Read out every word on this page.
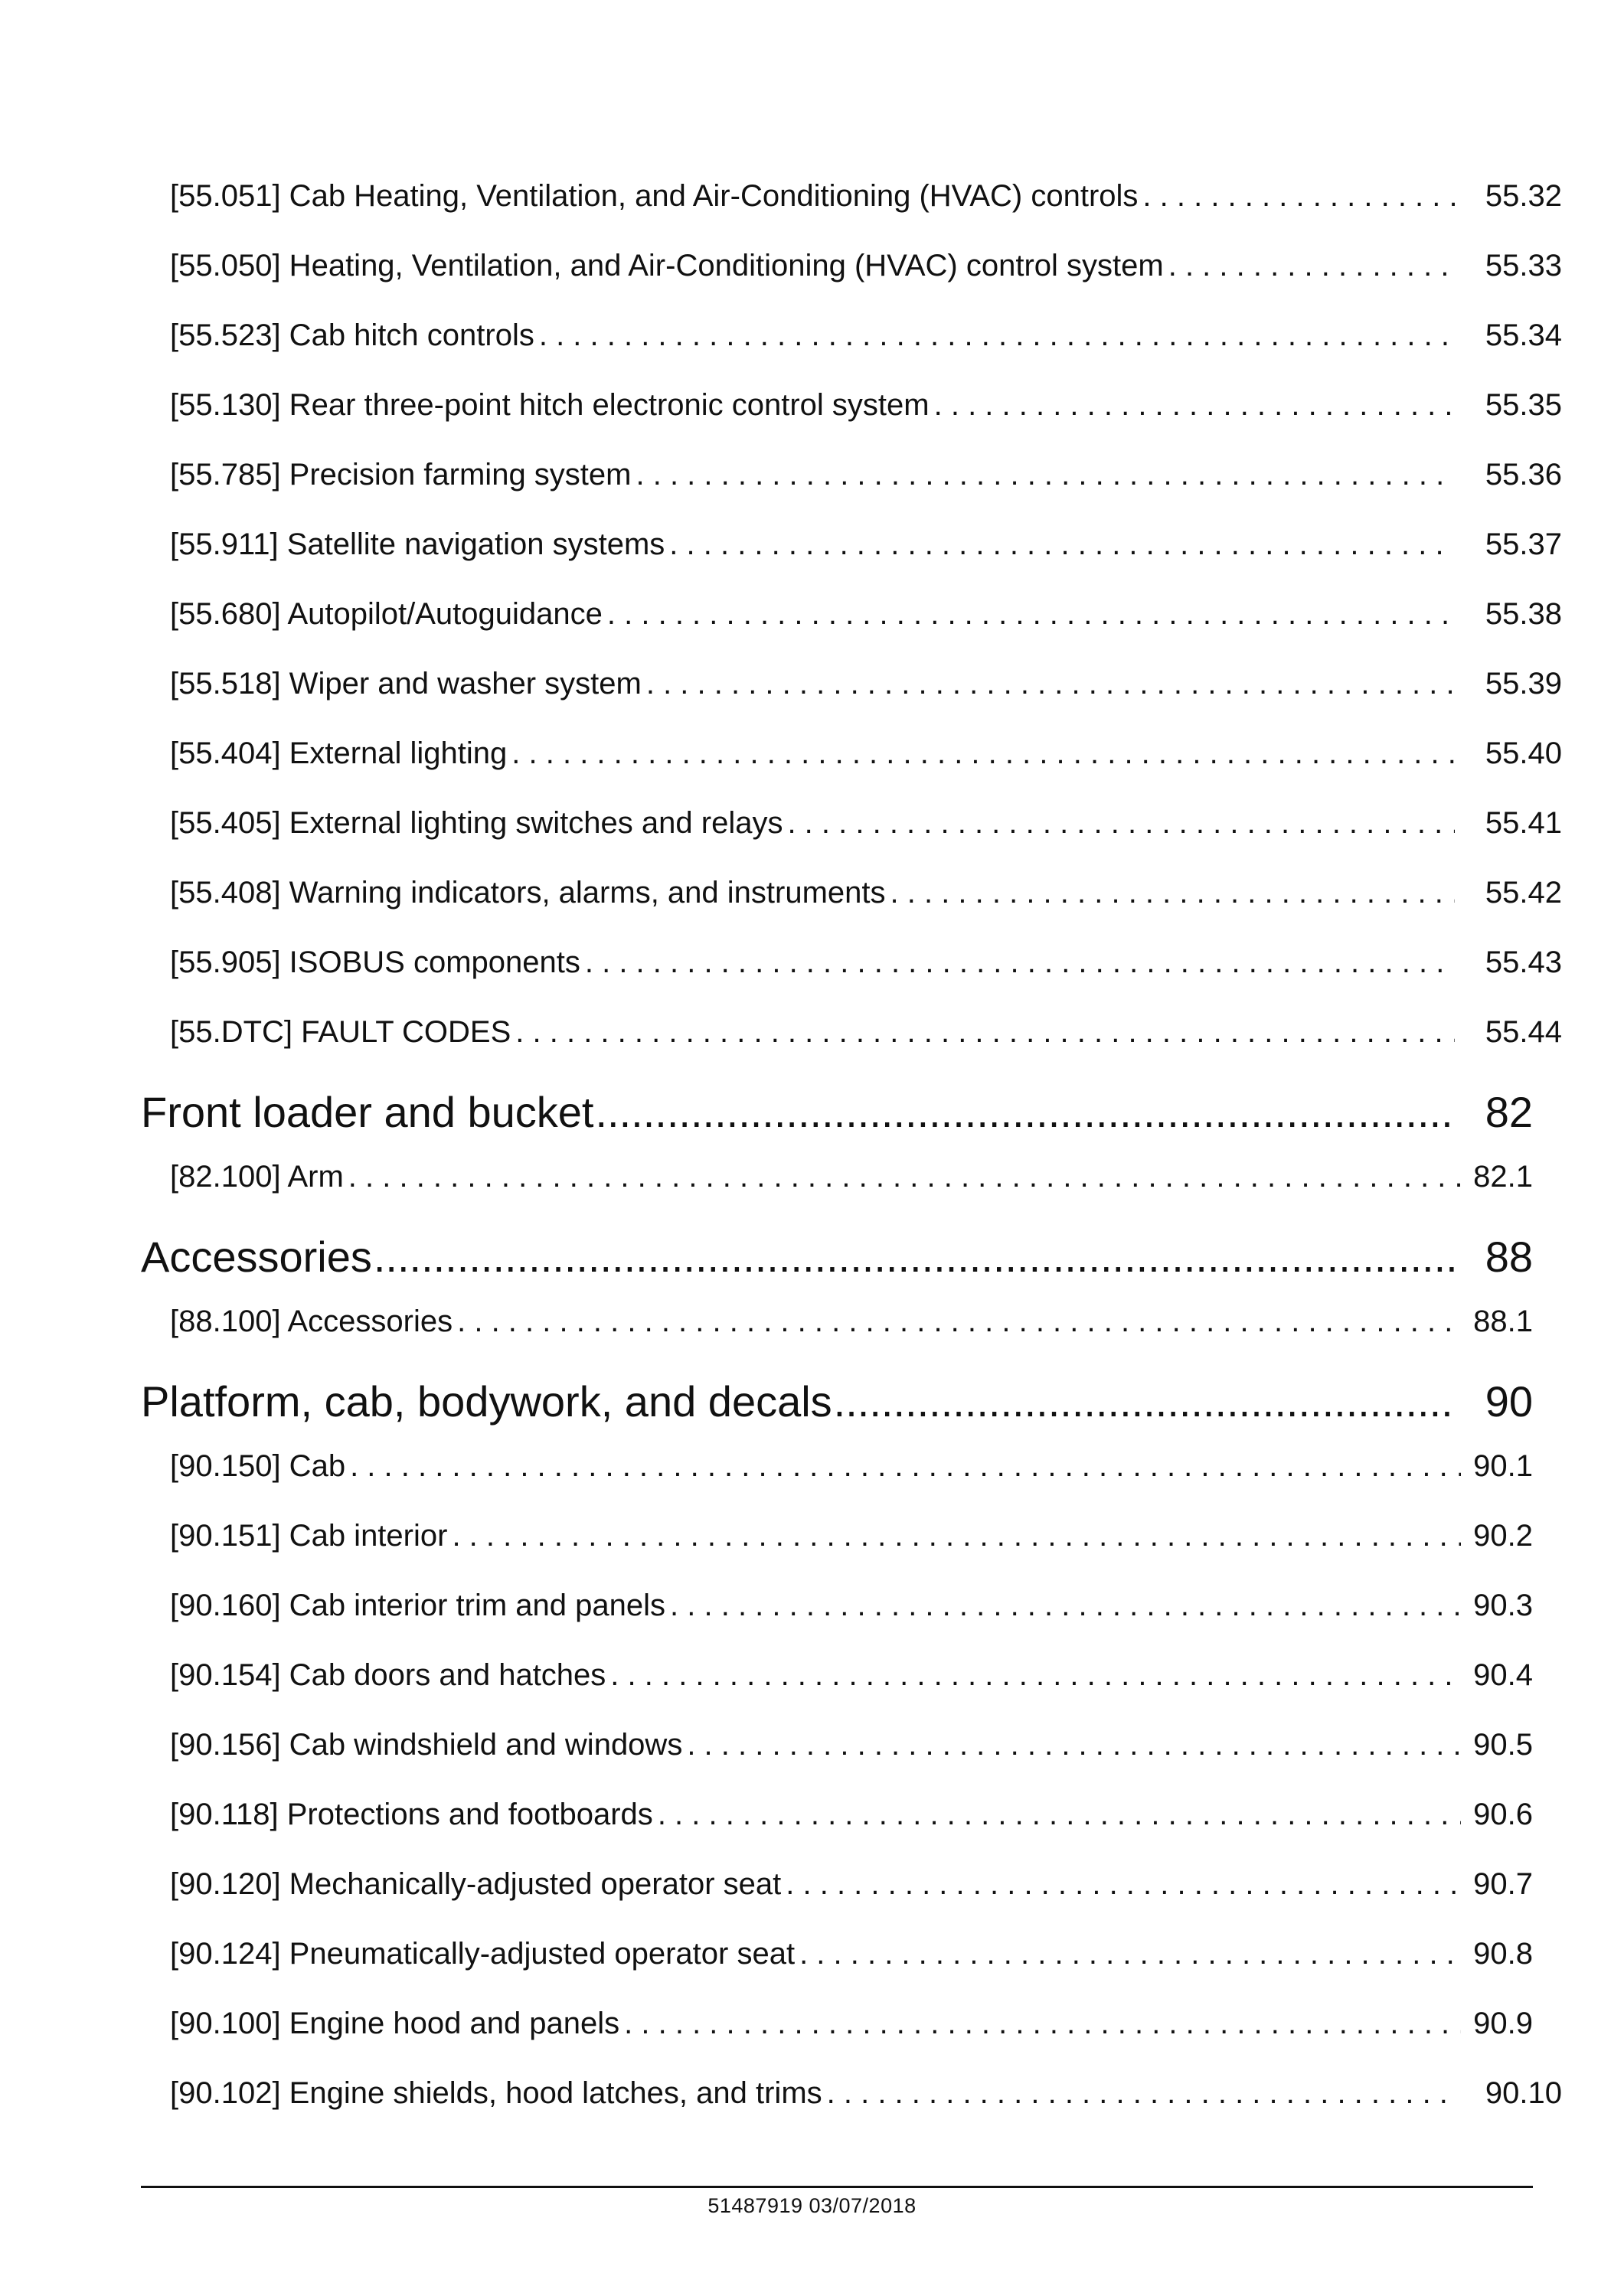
[55.051] Cab Heating, Ventilation, and Air-Conditioning (HVAC) controls . . .	55.32
[55.050] Heating, Ventilation, and Air-Conditioning (HVAC) control system . . .	55.33
[55.523] Cab hitch controls . . .	55.34
[55.130] Rear three-point hitch electronic control system . . .	55.35
[55.785] Precision farming system . . .	55.36
[55.911] Satellite navigation systems . . .	55.37
[55.680] Autopilot/Autoguidance . . .	55.38
[55.518] Wiper and washer system . . .	55.39
[55.404] External lighting . . .	55.40
[55.405] External lighting switches and relays . . .	55.41
[55.408] Warning indicators, alarms, and instruments . . .	55.42
[55.905] ISOBUS components . . .	55.43
[55.DTC] FAULT CODES . . .	55.44
Front loader and bucket .....	82
[82.100] Arm . . .	82.1
Accessories .....	88
[88.100] Accessories . . .	88.1
Platform, cab, bodywork, and decals .....	90
[90.150] Cab . . .	90.1
[90.151] Cab interior . . .	90.2
[90.160] Cab interior trim and panels . . .	90.3
[90.154] Cab doors and hatches . . .	90.4
[90.156] Cab windshield and windows . . .	90.5
[90.118] Protections and footboards . . .	90.6
[90.120] Mechanically-adjusted operator seat . . .	90.7
[90.124] Pneumatically-adjusted operator seat . . .	90.8
[90.100] Engine hood and panels . . .	90.9
[90.102] Engine shields, hood latches, and trims . . .	90.10
51487919 03/07/2018
